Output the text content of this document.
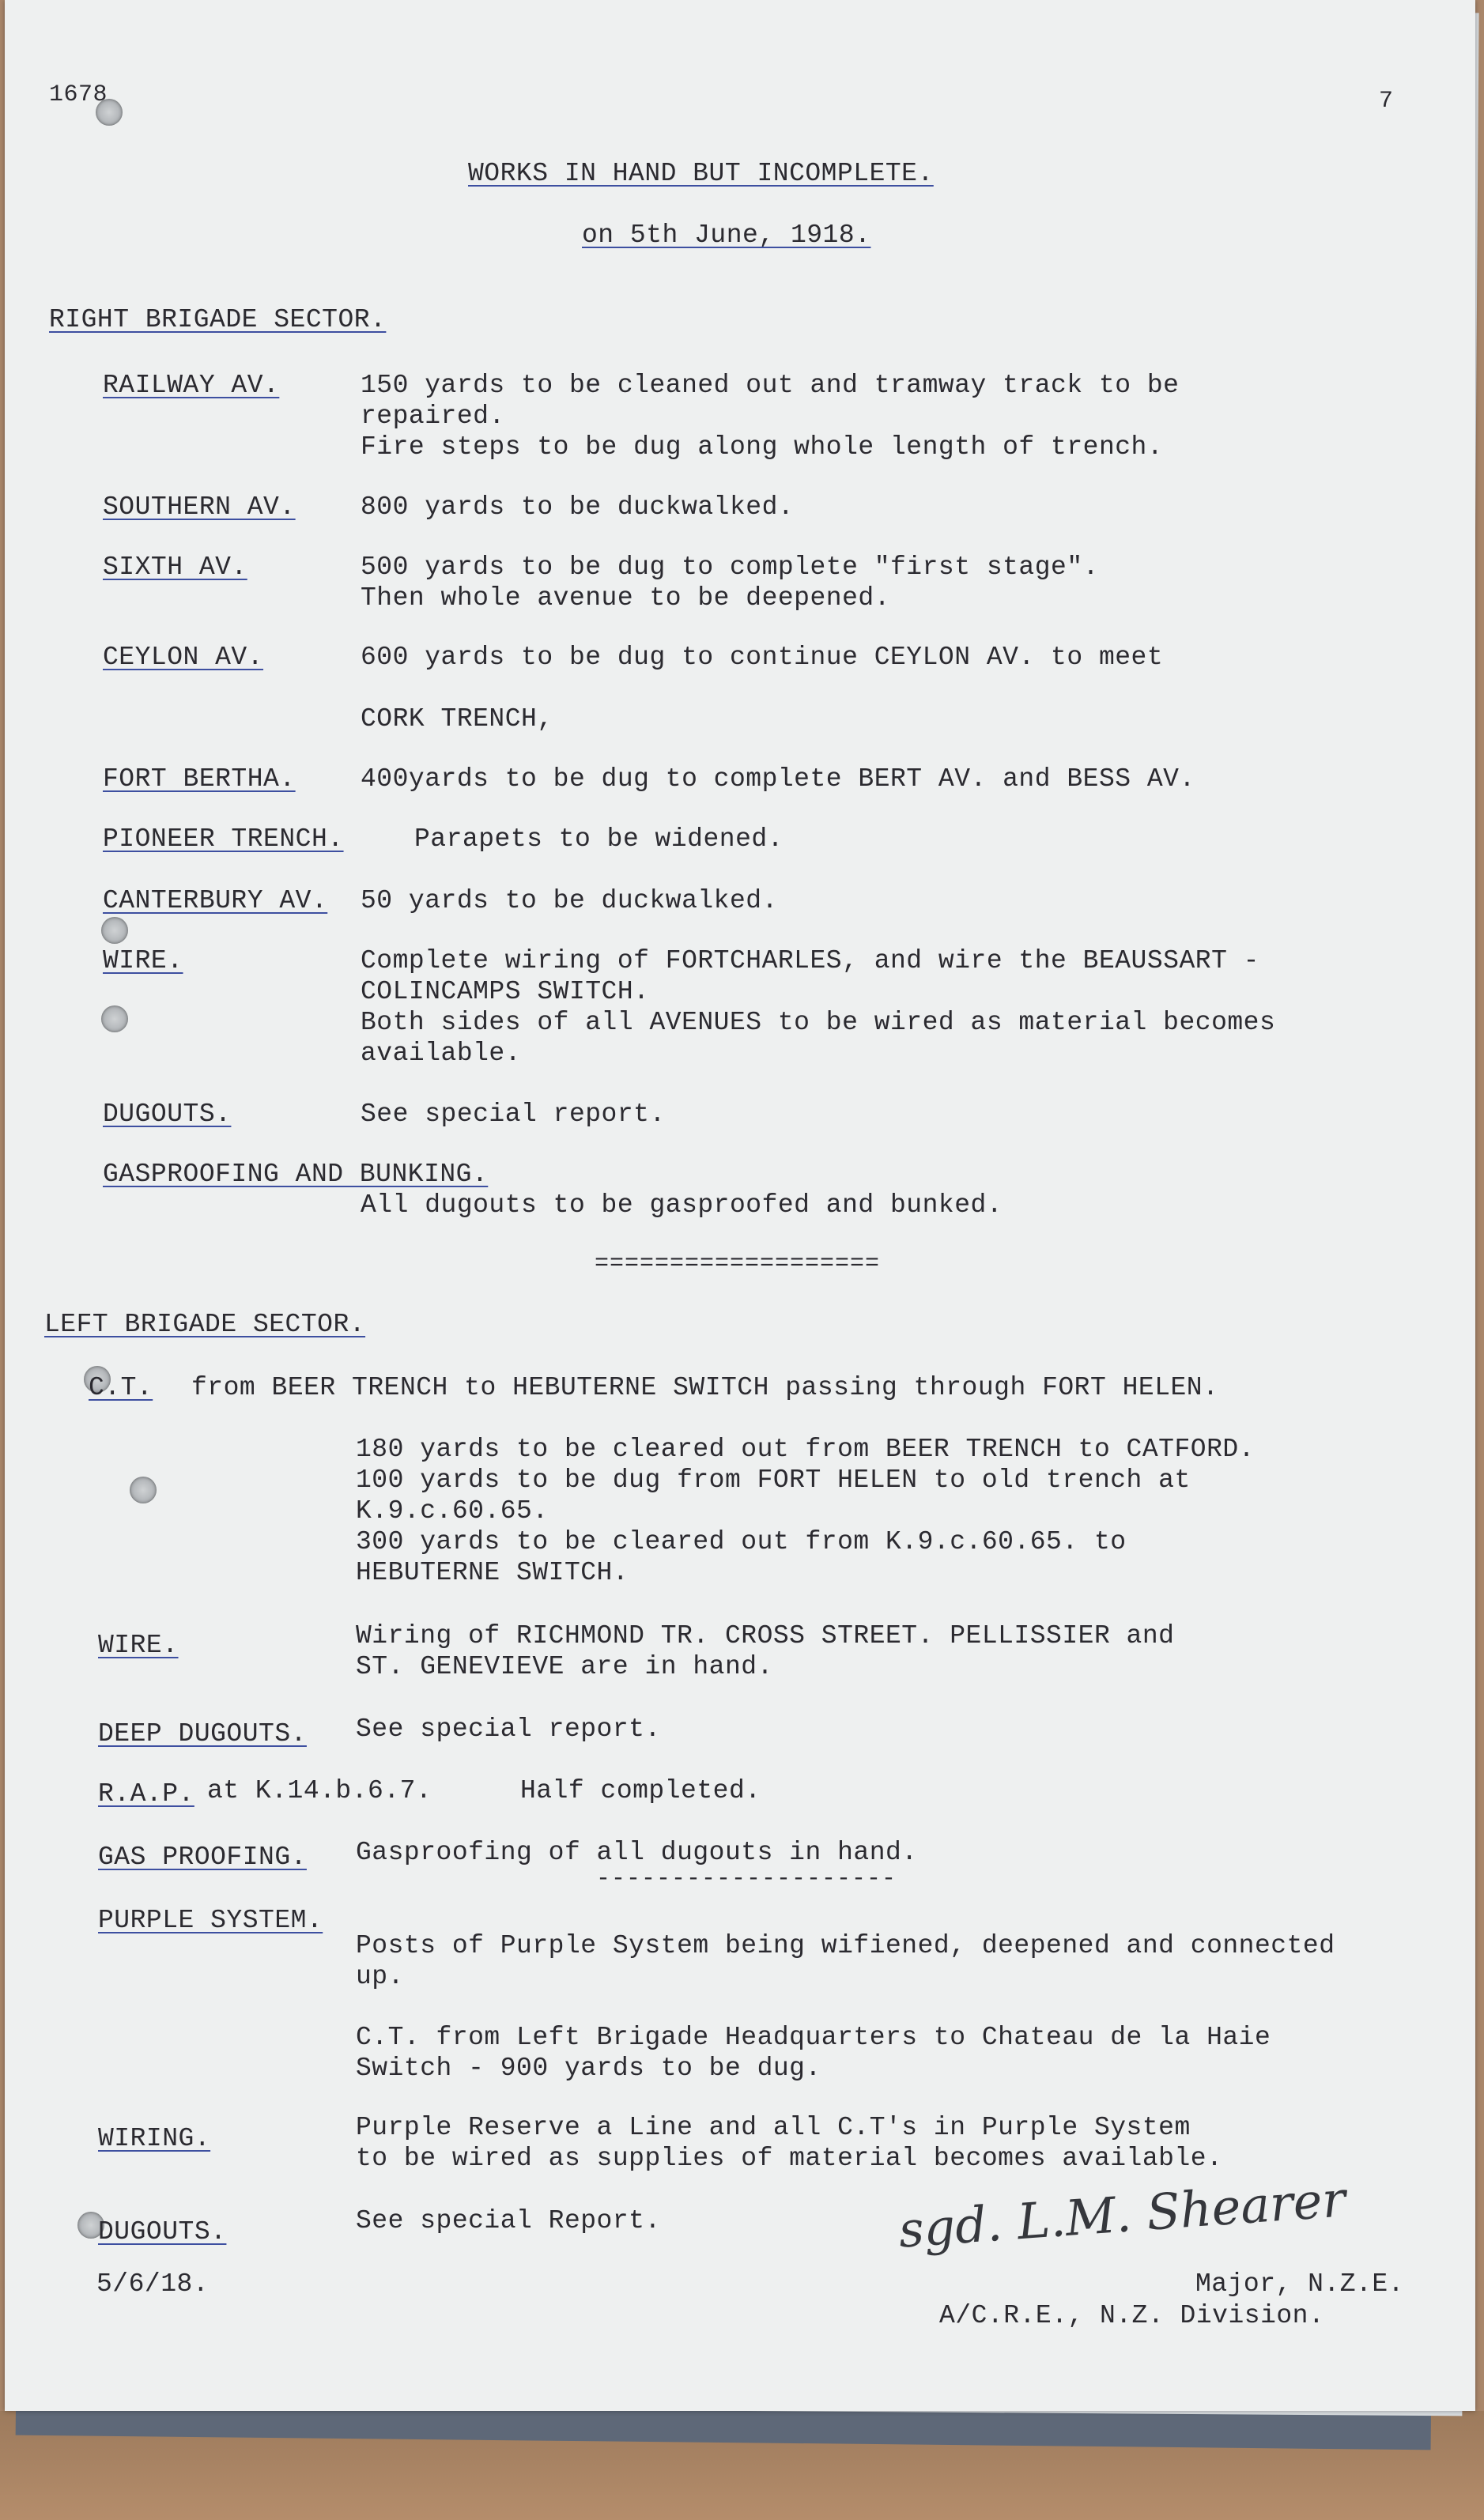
1678	7
WORKS IN HAND BUT INCOMPLETE.
on 5th June, 1918.
RIGHT BRIGADE SECTOR.
RAILWAY AV.	150 yards to be cleaned out and tramway track to be
repaired.
Fire steps to be dug along whole length of trench.
SOUTHERN AV. 800 yards to be duckwalked.
SIXTH AV.	500 yards to be dug to complete "first stage".
Then whole avenue to be deepened.
CEYLON AV.	600 yards to be dug to continue CEYLON AV. to meet
CORK TRENCH,
FORT BERTHA. 400yards to be dug to complete BERT AV. and BESS AV.
PIONEER TRENCH.	Parapets to be widened.
CANTERBURY AV. 50 yards to be duckwalked.
WIRE.	Complete wiring of FORTCHARLES, and wire the BEAUSSART -
COLINCAMPS SWITCH.
Both sides of all AVENUES to be wired as material becomes
available.
DUGOUTS.	See special report.
GASPROOFING AND BUNKING.
All dugouts to be gasproofed and bunked.
===================
LEFT BRIGADE SECTOR.
C.T. from BEER TRENCH to HEBUTERNE SWITCH passing through FORT HELEN.
180 yards to be cleared out from BEER TRENCH to CATFORD.
100 yards to be dug from FORT HELEN to old trench at
K.9.c.60.65.
300 yards to be cleared out from K.9.c.60.65. to
HEBUTERNE SWITCH.
WIRE.	Wiring of RICHMOND TR. CROSS STREET. PELLISSIER and
ST. GENEVIEVE are in hand.
DEEP DUGOUTS. See special report.
R.A.P. at K.14.b.6.7.	Half completed.
GAS PROOFING. Gasproofing of all dugouts in hand.
--------------------
PURPLE SYSTEM.
Posts of Purple System being wifiened, deepened and connected
up.
C.T. from Left Brigade Headquarters to Chateau de la Haie
Switch - 900 yards to be dug.
WIRING.	Purple Reserve a Line and all C.T's in Purple System
to be wired as supplies of material becomes available.
DUGOUTS.	See special Report.	sgd. L.M. Shearer
5/6/18.	Major, N.Z.E.
A/C.R.E., N.Z. Division.
